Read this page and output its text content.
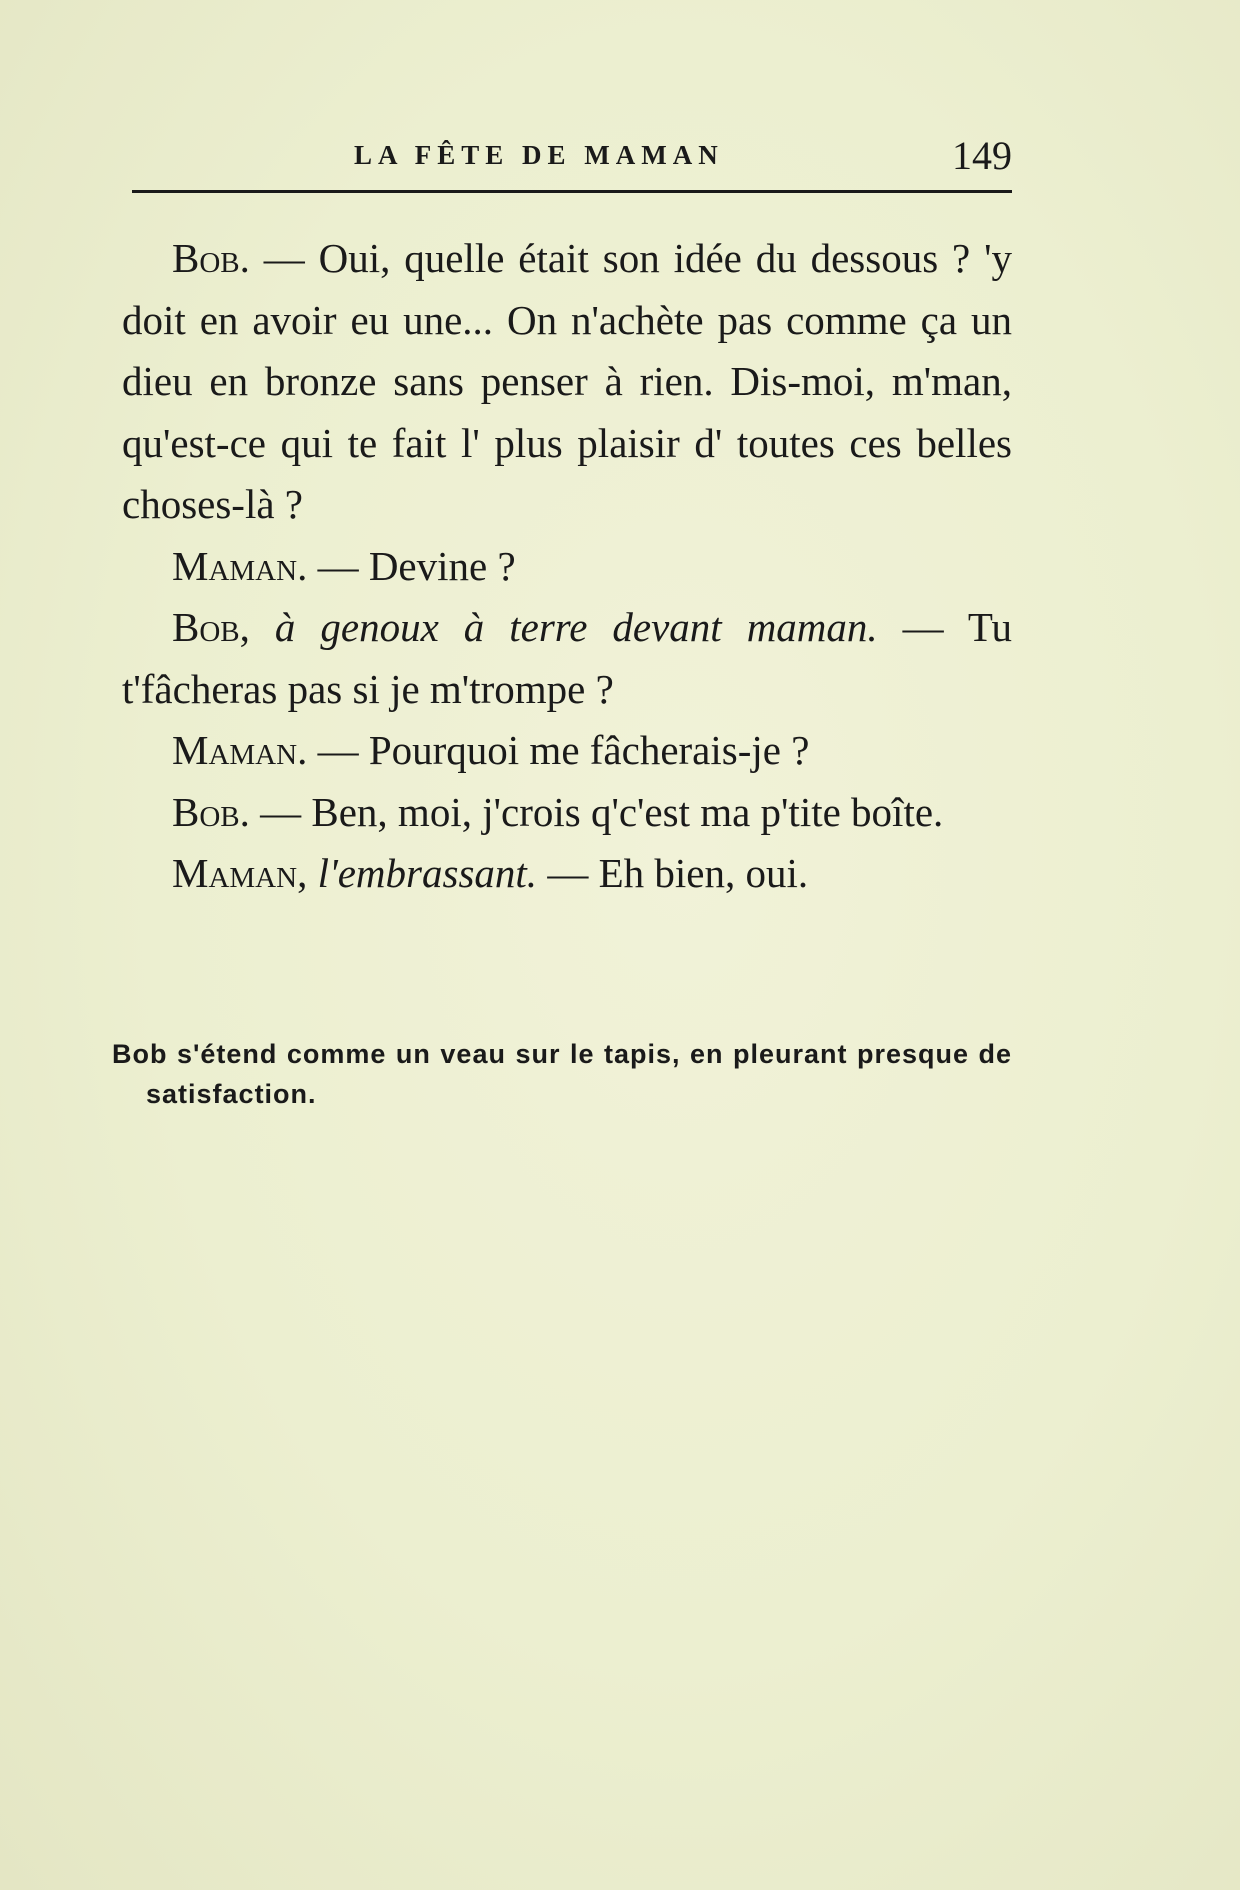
LA FÊTE DE MAMAN	149

Bob. — Oui, quelle était son idée du dessous ? 'y doit en avoir eu une... On n'achète pas comme ça un dieu en bronze sans penser à rien. Dis-moi, m'man, qu'est-ce qui te fait l' plus plaisir d' toutes ces belles choses-là ?

Maman. — Devine ?

Bob, à genoux à terre devant maman. — Tu t'fâcheras pas si je m'trompe ?

Maman. — Pourquoi me fâcherais-je ?

Bob. — Ben, moi, j'crois q'c'est ma p'tite boîte.

Maman, l'embrassant. — Eh bien, oui.

Bob s'étend comme un veau sur le tapis, en pleurant presque de satisfaction.
